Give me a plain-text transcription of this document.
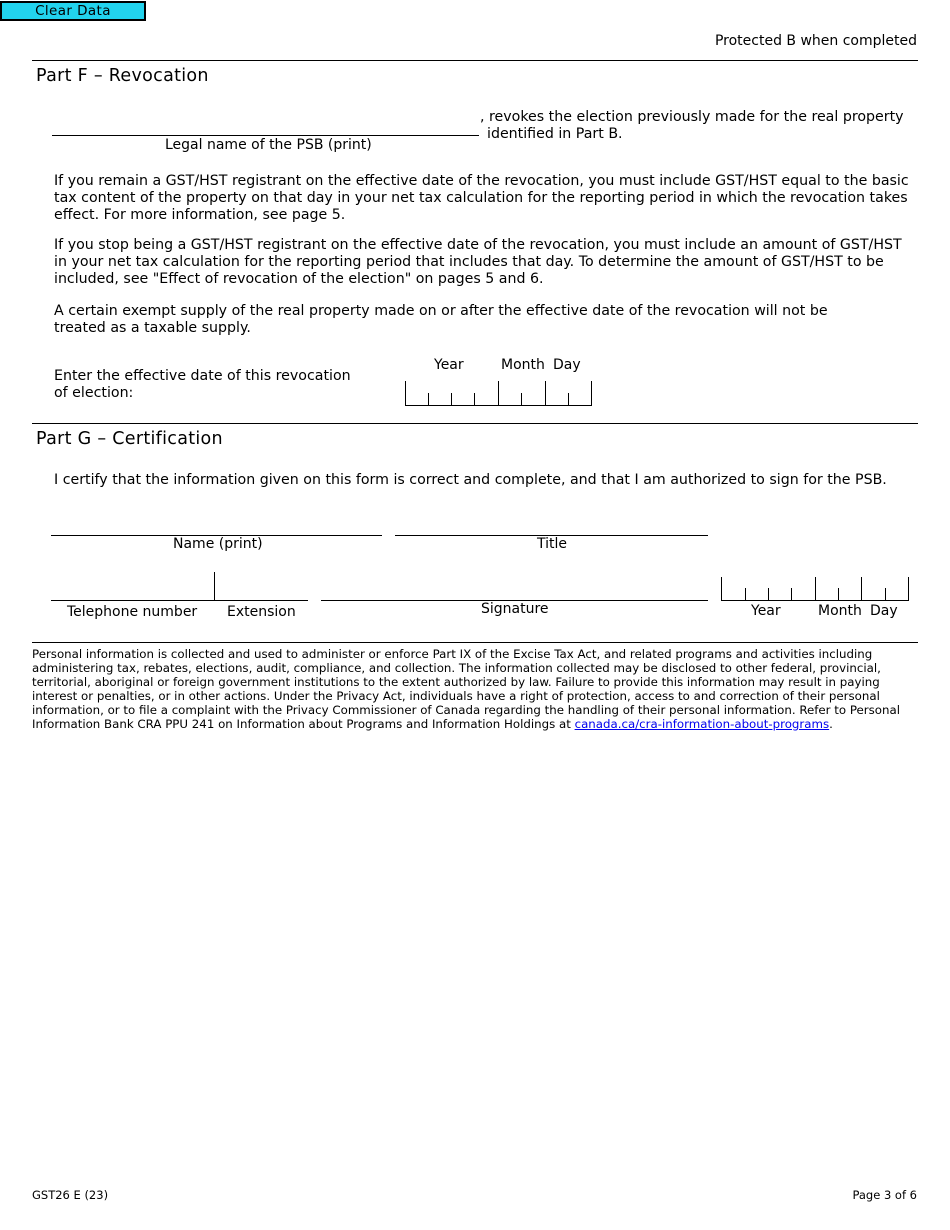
Clear Data
Protected B when completed
Part F – Revocation
Legal name of the PSB (print)
, revokes the election previously made for the real property
identified in Part B.
If you remain a GST/HST registrant on the effective date of the revocation, you must include GST/HST equal to the basic tax content of the property on that day in your net tax calculation for the reporting period in which the revocation takes effect. For more information, see page 5.
If you stop being a GST/HST registrant on the effective date of the revocation, you must include an amount of GST/HST in your net tax calculation for the reporting period that includes that day. To determine the amount of GST/HST to be included, see "Effect of revocation of the election" on pages 5 and 6.
A certain exempt supply of the real property made on or after the effective date of the revocation will not be treated as a taxable supply.
Year	Month Day
Enter the effective date of this revocation of election:
Part G – Certification
I certify that the information given on this form is correct and complete, and that I am authorized to sign for the PSB.
Name (print)	Title
Telephone number Extension	Signature	Year	Month Day
Personal information is collected and used to administer or enforce Part IX of the Excise Tax Act, and related programs and activities including administering tax, rebates, elections, audit, compliance, and collection. The information collected may be disclosed to other federal, provincial, territorial, aboriginal or foreign government institutions to the extent authorized by law. Failure to provide this information may result in paying interest or penalties, or in other actions. Under the Privacy Act, individuals have a right of protection, access to and correction of their personal information, or to file a complaint with the Privacy Commissioner of Canada regarding the handling of their personal information. Refer to Personal Information Bank CRA PPU 241 on Information about Programs and Information Holdings at canada.ca/cra-information-about-programs.
GST26 E (23)	Page 3 of 6
